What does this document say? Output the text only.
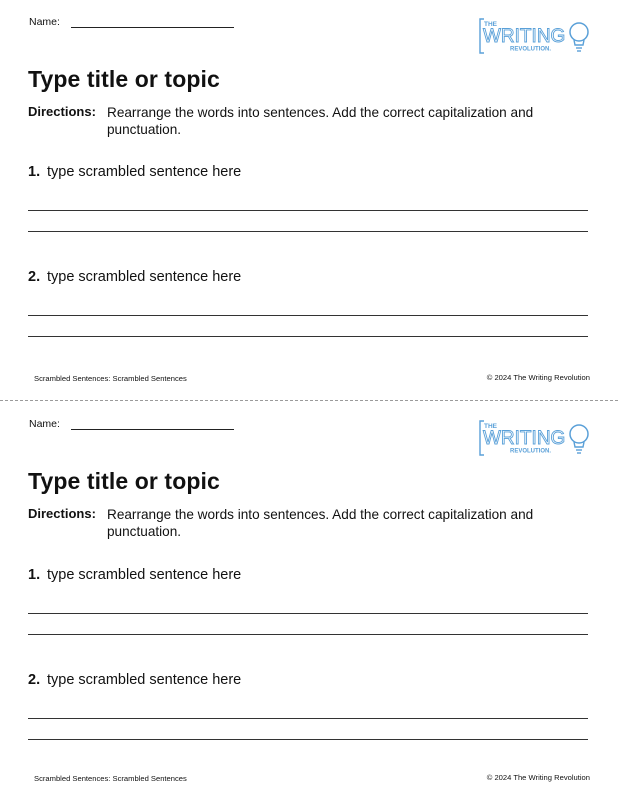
Name:	THE
WRITING
REVOLUTION.
Type title or topic
Directions: Rearrange the words into sentences. Add the correct capitalization and punctuation.

1. type scrambled sentence here
2. type scrambled sentence here
Scrambled Sentences: Scrambled Sentences	© 2024 The Writing Revolution
Name:	THE
WRITING
REVOLUTION.
Type title or topic
Directions: Rearrange the words into sentences. Add the correct capitalization and punctuation.

1. type scrambled sentence here
2. type scrambled sentence here
Scrambled Sentences: Scrambled Sentences	© 2024 The Writing Revolution
